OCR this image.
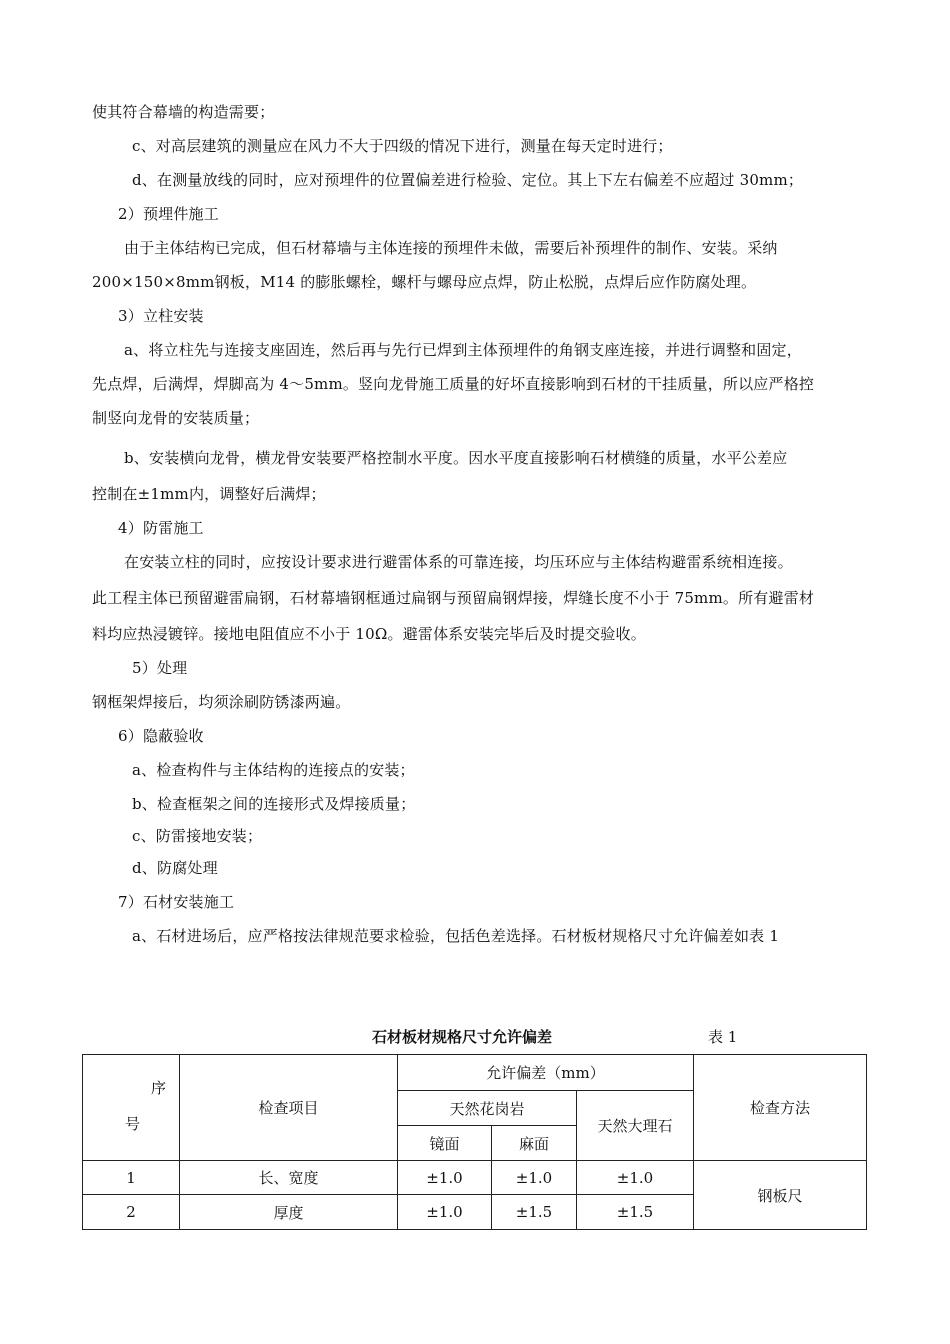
使其符合幕墙的构造需要；
c、对高层建筑的测量应在风力不大于四级的情况下进行，测量在每天定时进行；
d、在测量放线的同时，应对预埋件的位置偏差进行检验、定位。其上下左右偏差不应超过 30mm；
2）预埋件施工
由于主体结构已完成，但石材幕墙与主体连接的预埋件未做，需要后补预埋件的制作、安装。采纳
200×150×8mm钢板，M14 的膨胀螺栓，螺杆与螺母应点焊，防止松脱，点焊后应作防腐处理。
3）立柱安装
a、将立柱先与连接支座固连，然后再与先行已焊到主体预埋件的角钢支座连接，并进行调整和固定，
先点焊，后满焊，焊脚高为 4～5mm。竖向龙骨施工质量的好坏直接影响到石材的干挂质量，所以应严格控
制竖向龙骨的安装质量；
b、安装横向龙骨，横龙骨安装要严格控制水平度。因水平度直接影响石材横缝的质量，水平公差应
控制在±1mm内，调整好后满焊；
4）防雷施工
在安装立柱的同时，应按设计要求进行避雷体系的可靠连接，均压环应与主体结构避雷系统相连接。
此工程主体已预留避雷扁钢，石材幕墙钢框通过扁钢与预留扁钢焊接，焊缝长度不小于 75mm。所有避雷材
料均应热浸镀锌。接地电阻值应不小于 10Ω。避雷体系安装完毕后及时提交验收。
5）处理
钢框架焊接后，均须涂刷防锈漆两遍。
6）隐蔽验收
a、检查构件与主体结构的连接点的安装；
b、检查框架之间的连接形式及焊接质量；
c、防雷接地安装；
d、防腐处理
7）石材安装施工
a、石材进场后，应严格按法律规范要求检验，包括色差选择。石材板材规格尺寸允许偏差如表 1
石材板材规格尺寸允许偏差	表 1
序
号	检查项目	允许偏差（mm）			检查方法
		天然花岗岩		天然大理石	
		镜面	麻面		
1	长、宽度	±1.0	±1.0	±1.0	钢板尺
2	厚度	±1.0	±1.5	±1.5	
